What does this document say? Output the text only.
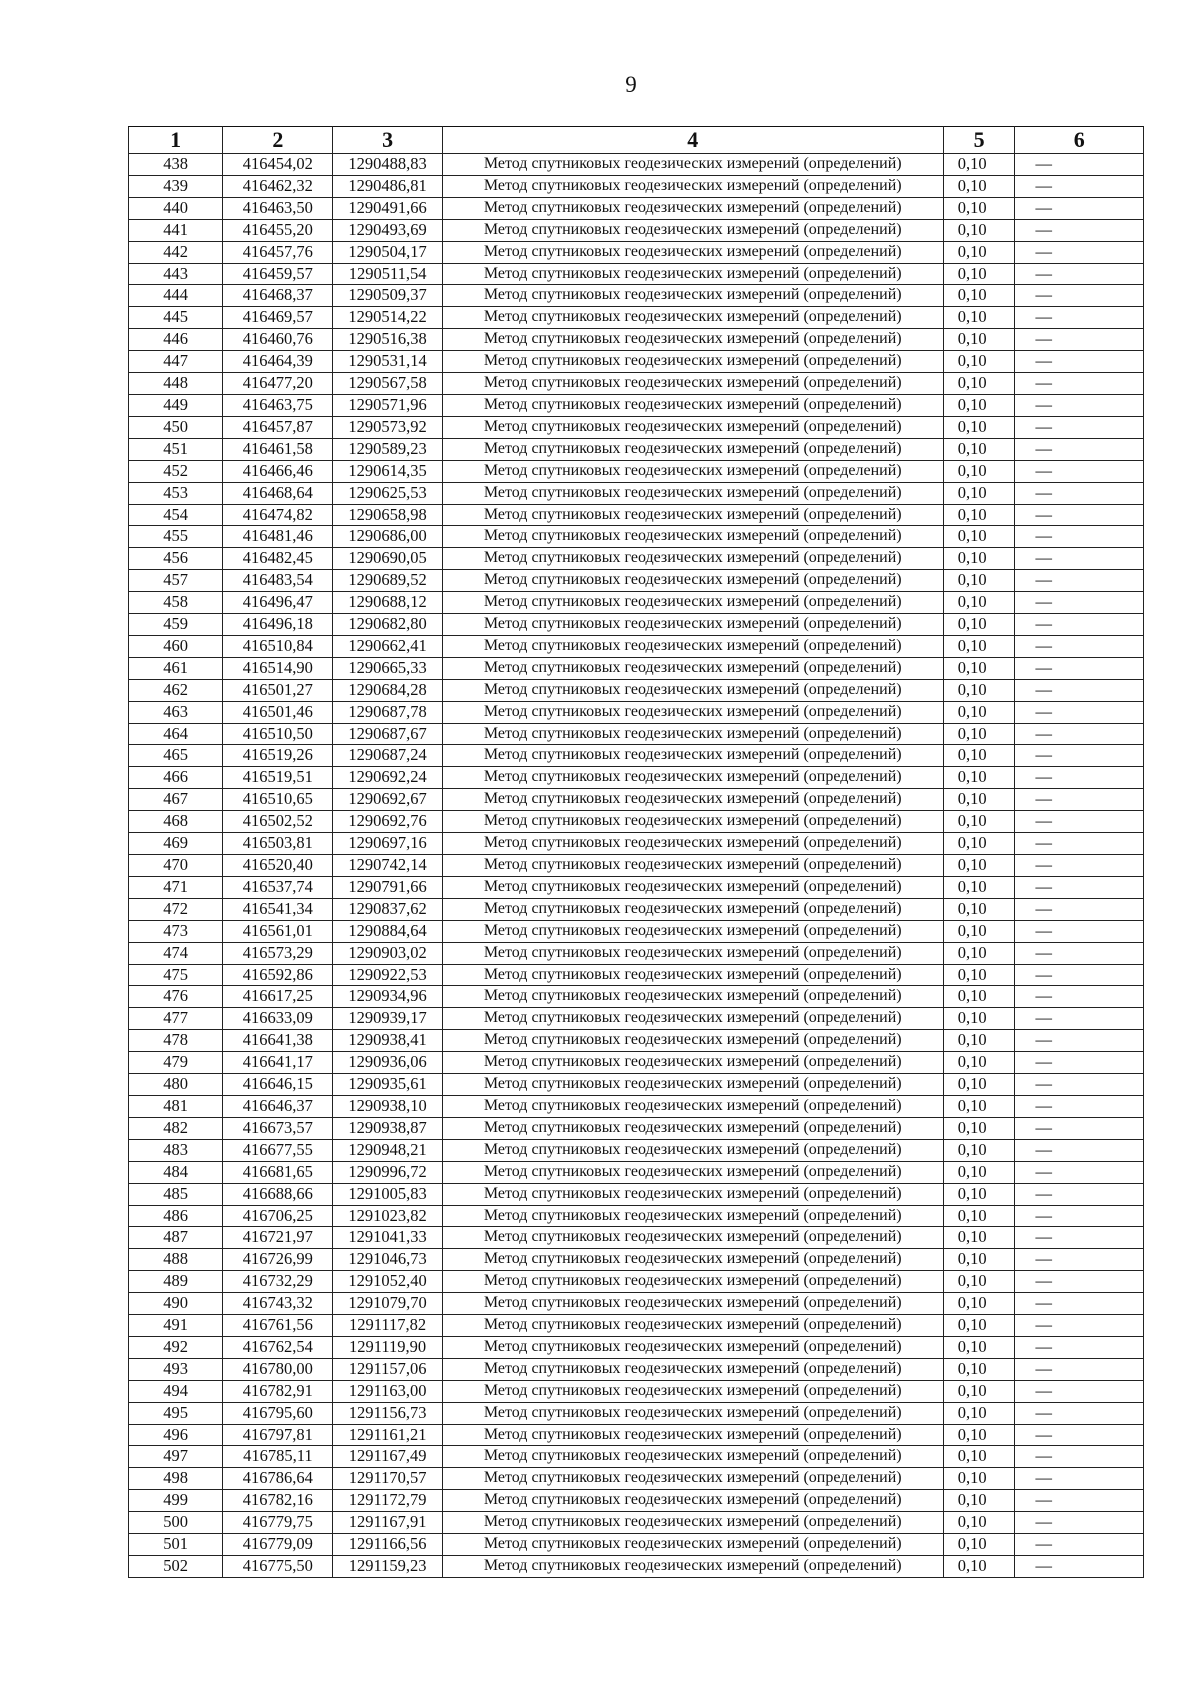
9
1	2	3	4	5	6
438	416454,02	1290488,83	Метод спутниковых геодезических измерений (определений)	0,10	—
439	416462,32	1290486,81	Метод спутниковых геодезических измерений (определений)	0,10	—
440	416463,50	1290491,66	Метод спутниковых геодезических измерений (определений)	0,10	—
441	416455,20	1290493,69	Метод спутниковых геодезических измерений (определений)	0,10	—
442	416457,76	1290504,17	Метод спутниковых геодезических измерений (определений)	0,10	—
443	416459,57	1290511,54	Метод спутниковых геодезических измерений (определений)	0,10	—
444	416468,37	1290509,37	Метод спутниковых геодезических измерений (определений)	0,10	—
445	416469,57	1290514,22	Метод спутниковых геодезических измерений (определений)	0,10	—
446	416460,76	1290516,38	Метод спутниковых геодезических измерений (определений)	0,10	—
447	416464,39	1290531,14	Метод спутниковых геодезических измерений (определений)	0,10	—
448	416477,20	1290567,58	Метод спутниковых геодезических измерений (определений)	0,10	—
449	416463,75	1290571,96	Метод спутниковых геодезических измерений (определений)	0,10	—
450	416457,87	1290573,92	Метод спутниковых геодезических измерений (определений)	0,10	—
451	416461,58	1290589,23	Метод спутниковых геодезических измерений (определений)	0,10	—
452	416466,46	1290614,35	Метод спутниковых геодезических измерений (определений)	0,10	—
453	416468,64	1290625,53	Метод спутниковых геодезических измерений (определений)	0,10	—
454	416474,82	1290658,98	Метод спутниковых геодезических измерений (определений)	0,10	—
455	416481,46	1290686,00	Метод спутниковых геодезических измерений (определений)	0,10	—
456	416482,45	1290690,05	Метод спутниковых геодезических измерений (определений)	0,10	—
457	416483,54	1290689,52	Метод спутниковых геодезических измерений (определений)	0,10	—
458	416496,47	1290688,12	Метод спутниковых геодезических измерений (определений)	0,10	—
459	416496,18	1290682,80	Метод спутниковых геодезических измерений (определений)	0,10	—
460	416510,84	1290662,41	Метод спутниковых геодезических измерений (определений)	0,10	—
461	416514,90	1290665,33	Метод спутниковых геодезических измерений (определений)	0,10	—
462	416501,27	1290684,28	Метод спутниковых геодезических измерений (определений)	0,10	—
463	416501,46	1290687,78	Метод спутниковых геодезических измерений (определений)	0,10	—
464	416510,50	1290687,67	Метод спутниковых геодезических измерений (определений)	0,10	—
465	416519,26	1290687,24	Метод спутниковых геодезических измерений (определений)	0,10	—
466	416519,51	1290692,24	Метод спутниковых геодезических измерений (определений)	0,10	—
467	416510,65	1290692,67	Метод спутниковых геодезических измерений (определений)	0,10	—
468	416502,52	1290692,76	Метод спутниковых геодезических измерений (определений)	0,10	—
469	416503,81	1290697,16	Метод спутниковых геодезических измерений (определений)	0,10	—
470	416520,40	1290742,14	Метод спутниковых геодезических измерений (определений)	0,10	—
471	416537,74	1290791,66	Метод спутниковых геодезических измерений (определений)	0,10	—
472	416541,34	1290837,62	Метод спутниковых геодезических измерений (определений)	0,10	—
473	416561,01	1290884,64	Метод спутниковых геодезических измерений (определений)	0,10	—
474	416573,29	1290903,02	Метод спутниковых геодезических измерений (определений)	0,10	—
475	416592,86	1290922,53	Метод спутниковых геодезических измерений (определений)	0,10	—
476	416617,25	1290934,96	Метод спутниковых геодезических измерений (определений)	0,10	—
477	416633,09	1290939,17	Метод спутниковых геодезических измерений (определений)	0,10	—
478	416641,38	1290938,41	Метод спутниковых геодезических измерений (определений)	0,10	—
479	416641,17	1290936,06	Метод спутниковых геодезических измерений (определений)	0,10	—
480	416646,15	1290935,61	Метод спутниковых геодезических измерений (определений)	0,10	—
481	416646,37	1290938,10	Метод спутниковых геодезических измерений (определений)	0,10	—
482	416673,57	1290938,87	Метод спутниковых геодезических измерений (определений)	0,10	—
483	416677,55	1290948,21	Метод спутниковых геодезических измерений (определений)	0,10	—
484	416681,65	1290996,72	Метод спутниковых геодезических измерений (определений)	0,10	—
485	416688,66	1291005,83	Метод спутниковых геодезических измерений (определений)	0,10	—
486	416706,25	1291023,82	Метод спутниковых геодезических измерений (определений)	0,10	—
487	416721,97	1291041,33	Метод спутниковых геодезических измерений (определений)	0,10	—
488	416726,99	1291046,73	Метод спутниковых геодезических измерений (определений)	0,10	—
489	416732,29	1291052,40	Метод спутниковых геодезических измерений (определений)	0,10	—
490	416743,32	1291079,70	Метод спутниковых геодезических измерений (определений)	0,10	—
491	416761,56	1291117,82	Метод спутниковых геодезических измерений (определений)	0,10	—
492	416762,54	1291119,90	Метод спутниковых геодезических измерений (определений)	0,10	—
493	416780,00	1291157,06	Метод спутниковых геодезических измерений (определений)	0,10	—
494	416782,91	1291163,00	Метод спутниковых геодезических измерений (определений)	0,10	—
495	416795,60	1291156,73	Метод спутниковых геодезических измерений (определений)	0,10	—
496	416797,81	1291161,21	Метод спутниковых геодезических измерений (определений)	0,10	—
497	416785,11	1291167,49	Метод спутниковых геодезических измерений (определений)	0,10	—
498	416786,64	1291170,57	Метод спутниковых геодезических измерений (определений)	0,10	—
499	416782,16	1291172,79	Метод спутниковых геодезических измерений (определений)	0,10	—
500	416779,75	1291167,91	Метод спутниковых геодезических измерений (определений)	0,10	—
501	416779,09	1291166,56	Метод спутниковых геодезических измерений (определений)	0,10	—
502	416775,50	1291159,23	Метод спутниковых геодезических измерений (определений)	0,10	—
